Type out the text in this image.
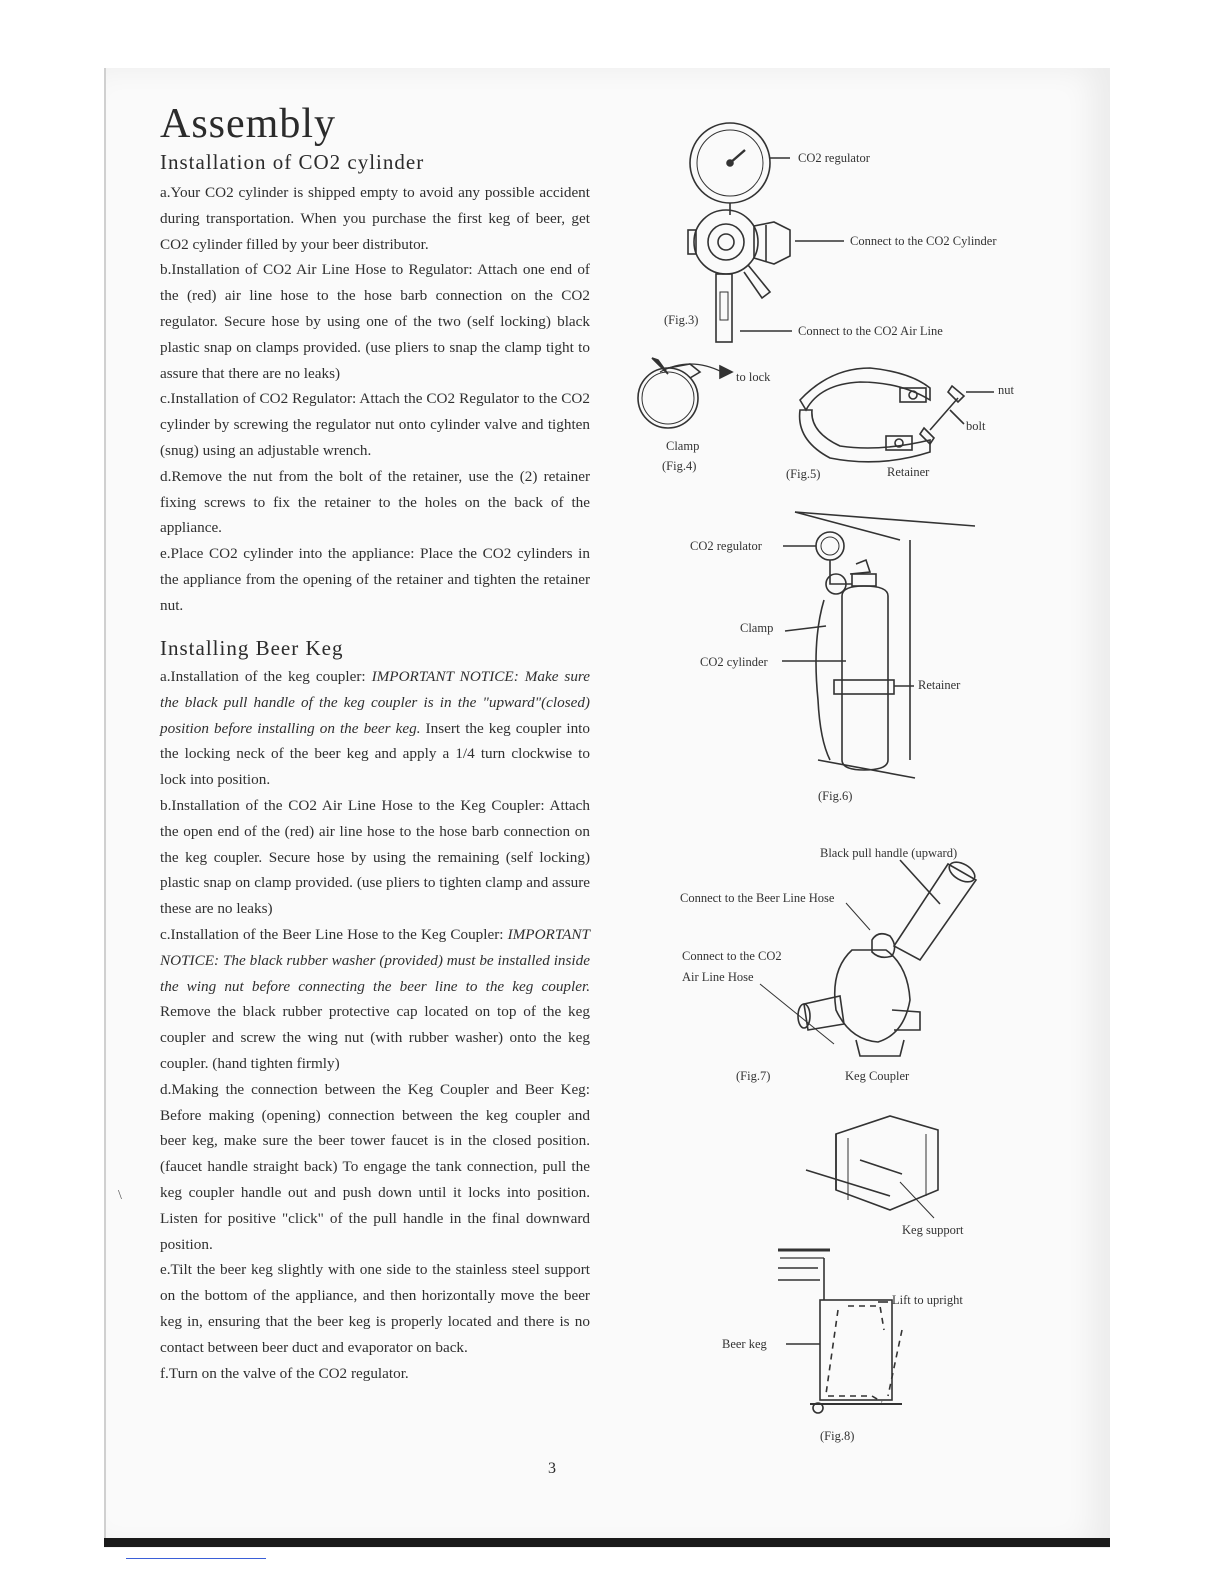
Assembly
Installation of CO2 cylinder

a.Your CO2 cylinder is shipped empty to avoid any possible accident during transportation. When you purchase the first keg of beer, get CO2 cylinder filled by your beer distributor.

b.Installation of CO2 Air Line Hose to Regulator: Attach one end of the (red) air line hose to the hose barb connection on the CO2 regulator. Secure hose by using one of the two (self locking) black plastic snap on clamps provided. (use pliers to snap the clamp tight to assure that there are no leaks)

c.Installation of CO2 Regulator: Attach the CO2 Regulator to the CO2 cylinder by screwing the regulator nut onto cylinder valve and tighten (snug) using an adjustable wrench.

d.Remove the nut from the bolt of the retainer, use the (2) retainer fixing screws to fix the retainer to the holes on the back of the appliance.

e.Place CO2 cylinder into the appliance: Place the CO2 cylinders in the appliance from the opening of the retainer and tighten the retainer nut.

Installing Beer Keg

a.Installation of the keg coupler: IMPORTANT NOTICE: Make sure the black pull handle of the keg coupler is in the "upward"(closed) position before installing on the beer keg. Insert the keg coupler into the locking neck of the beer keg and apply a 1/4 turn clockwise to lock into position.

b.Installation of the CO2 Air Line Hose to the Keg Coupler: Attach the open end of the (red) air line hose to the hose barb connection on the keg coupler. Secure hose by using the remaining (self locking) plastic snap on clamp provided. (use pliers to tighten clamp and assure these are no leaks)

c.Installation of the Beer Line Hose to the Keg Coupler: IMPORTANT NOTICE: The black rubber washer (provided) must be installed inside the wing nut before connecting the beer line to the keg coupler. Remove the black rubber protective cap located on top of the keg coupler and screw the wing nut (with rubber washer) onto the keg coupler. (hand tighten firmly)

d.Making the connection between the Keg Coupler and Beer Keg: Before making (opening) connection between the keg coupler and beer keg, make sure the beer tower faucet is in the closed position. (faucet handle straight back) To engage the tank connection, pull the keg coupler handle out and push down until it locks into position. Listen for positive "click" of the pull handle in the final downward position.

e.Tilt the beer keg slightly with one side to the stainless steel support on the bottom of the appliance, and then horizontally move the beer keg in, ensuring that the beer keg is properly located and there is no contact between beer duct and evaporator on back.

f.Turn on the valve of the CO2 regulator.

3
CO2 regulator
Connect to the CO2 Cylinder
Connect to the CO2 Air Line
(Fig.3)
to lock
Clamp
(Fig.4)
nut
bolt
(Fig.5)	Retainer
CO2 regulator
Clamp
CO2 cylinder
Retainer
(Fig.6)
Black pull handle (upward)
Connect to the Beer Line Hose
Connect to the CO2
Air Line Hose
(Fig.7)	Keg Coupler
Keg support
Lift to upright
Beer keg
(Fig.8)
\
